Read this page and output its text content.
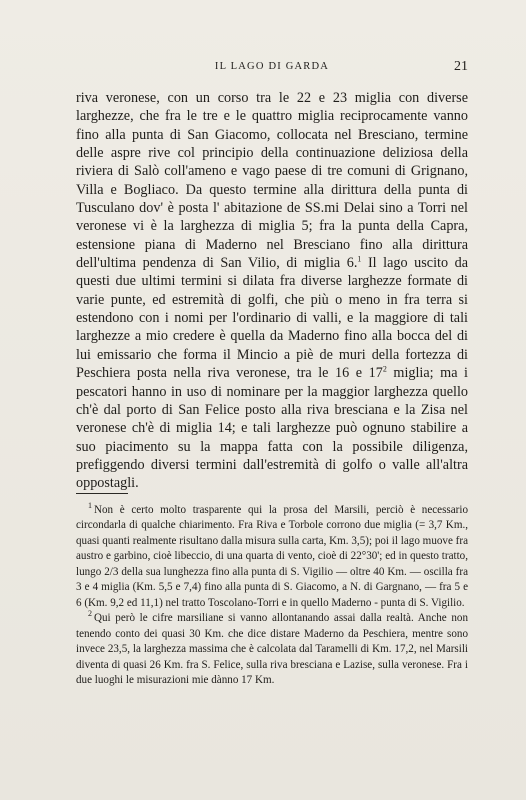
IL LAGO DI GARDA	21

riva veronese, con un corso tra le 22 e 23 miglia con diverse larghezze, che fra le tre e le quattro miglia reciprocamente vanno fino alla punta di San Giacomo, collocata nel Bresciano, termine delle aspre rive col principio della continuazione deliziosa della riviera di Salò coll'ameno e vago paese di tre comuni di Grignano, Villa e Bogliaco. Da questo termine alla dirittura della punta di Tusculano dov' è posta l' abitazione de SS.mi Delai sino a Torri nel veronese vi è la larghezza di miglia 5; fra la punta della Capra, estensione piana di Maderno nel Bresciano fino alla dirittura dell'ultima pendenza di San Vilio, di miglia 6.$^1$ Il lago uscito da questi due ultimi termini si dilata fra diverse larghezze formate di varie punte, ed estremità di golfi, che più o meno in fra terra si estendono con i nomi per l'ordinario di valli, e la maggiore di tali larghezze a mio credere è quella da Maderno fino alla bocca del di lui emissario che forma il Mincio a piè de muri della fortezza di Peschiera posta nella riva veronese, tra le 16 e 17$^2$ miglia; ma i pescatori hanno in uso di nominare per la maggior larghezza quello ch'è dal porto di San Felice posto alla riva bresciana e la Zisa nel veronese ch'è di miglia 14; e tali larghezze può ognuno stabilire a suo piacimento su la mappa fatta con la possibile diligenza, prefiggendo diversi termini dall'estremità di golfo o valle all'altra oppostagli.

$^1$ Non è certo molto trasparente qui la prosa del Marsili, perciò è necessario circondarla di qualche chiarimento. Fra Riva e Torbole corrono due miglia (= 3,7 Km., quasi quanti realmente risultano dalla misura sulla carta, Km. 3,5); poi il lago muove fra austro e garbino, cioè libeccio, di una quarta di vento, cioè di 22°30'; ed in questo tratto, lungo 2/3 della sua lunghezza fino alla punta di S. Vigilio — oltre 40 Km. — oscilla fra 3 e 4 miglia (Km. 5,5 e 7,4) fino alla punta di S. Giacomo, a N. di Gargnano, — fra 5 e 6 (Km. 9,2 ed 11,1) nel tratto Toscolano-Torri e in quello Maderno - punta di S. Vigilio.

$^2$ Qui però le cifre marsiliane si vanno allontanando assai dalla realtà. Anche non tenendo conto dei quasi 30 Km. che dice distare Maderno da Peschiera, mentre sono invece 23,5, la larghezza massima che è calcolata dal Taramelli di Km. 17,2, nel Marsili diventa di quasi 26 Km. fra S. Felice, sulla riva bresciana e Lazise, sulla veronese. Fra i due luoghi le misurazioni mie dànno 17 Km.
